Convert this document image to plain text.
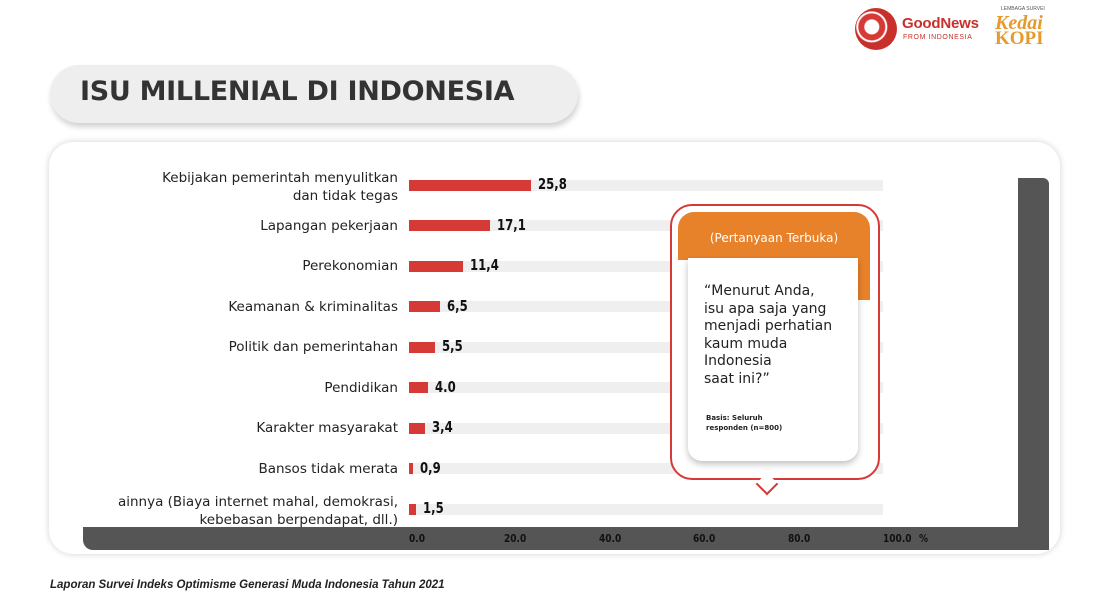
GoodNews
FROM INDONESIA
LEMBAGA SURVEI
Kedai
KOPI
ISU MILLENIAL DI INDONESIA
25,8
Kebijakan pemerintah menyulitkan
dan tidak tegas
17,1
Lapangan pekerjaan
11,4
Perekonomian
6,5
Keamanan & kriminalitas
5,5
Politik dan pemerintahan
4.0
Pendidikan
3,4
Karakter masyarakat
0,9
Bansos tidak merata
1,5
ainnya (Biaya internet mahal, demokrasi,
kebebasan berpendapat, dll.)
0.0	20.0	40.0	60.0	80.0	100.0 %
(Pertanyaan Terbuka)
“Menurut Anda,
isu apa saja yang
menjadi perhatian
kaum muda
Indonesia
saat ini?”
Basis: Seluruh
responden (n=800)
Laporan Survei Indeks Optimisme Generasi Muda Indonesia Tahun 2021
